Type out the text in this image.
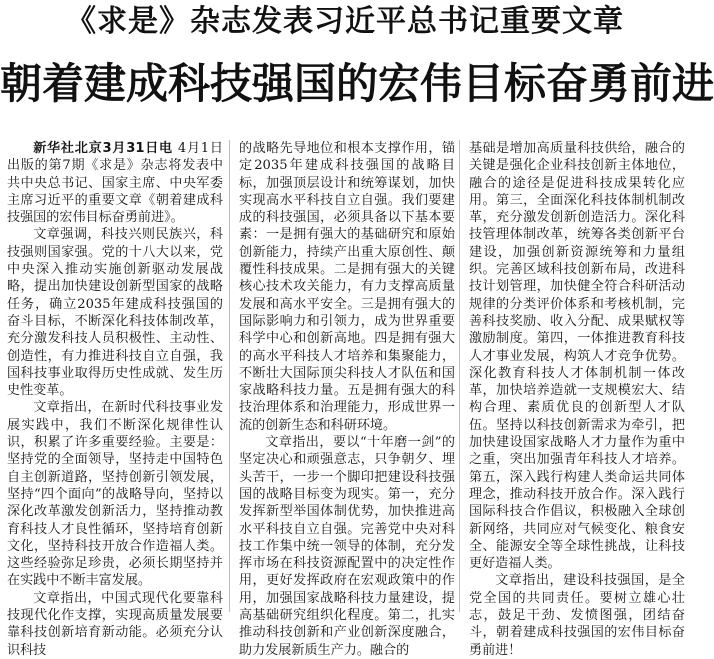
《求是》杂志发表习近平总书记重要文章
朝着建成科技强国的宏伟目标奋勇前进

新华社北京3月31日电 4月1日出版的第7期《求是》杂志将发表中共中央总书记、国家主席、中央军委主席习近平的重要文章《朝着建成科技强国的宏伟目标奋勇前进》。

文章强调，科技兴则民族兴，科技强则国家强。党的十八大以来，党中央深入推动实施创新驱动发展战略，提出加快建设创新型国家的战略任务，确立2035年建成科技强国的奋斗目标，不断深化科技体制改革，充分激发科技人员积极性、主动性、创造性，有力推进科技自立自强，我国科技事业取得历史性成就、发生历史性变革。

文章指出，在新时代科技事业发展实践中，我们不断深化规律性认识，积累了许多重要经验。主要是：坚持党的全面领导，坚持走中国特色自主创新道路，坚持创新引领发展，坚持“四个面向”的战略导向，坚持以深化改革激发创新活力，坚持推动教育科技人才良性循环，坚持培育创新文化，坚持科技开放合作造福人类。这些经验弥足珍贵，必须长期坚持并在实践中不断丰富发展。

文章指出，中国式现代化要靠科技现代化作支撑，实现高质量发展要靠科技创新培育新动能。必须充分认识科技

的战略先导地位和根本支撑作用，锚定2035年建成科技强国的战略目标，加强顶层设计和统筹谋划，加快实现高水平科技自立自强。我们要建成的科技强国，必须具备以下基本要素：一是拥有强大的基础研究和原始创新能力，持续产出重大原创性、颠覆性科技成果。二是拥有强大的关键核心技术攻关能力，有力支撑高质量发展和高水平安全。三是拥有强大的国际影响力和引领力，成为世界重要科学中心和创新高地。四是拥有强大的高水平科技人才培养和集聚能力，不断壮大国际顶尖科技人才队伍和国家战略科技力量。五是拥有强大的科技治理体系和治理能力，形成世界一流的创新生态和科研环境。

文章指出，要以“十年磨一剑”的坚定决心和顽强意志，只争朝夕、埋头苦干，一步一个脚印把建设科技强国的战略目标变为现实。第一，充分发挥新型举国体制优势，加快推进高水平科技自立自强。完善党中央对科技工作集中统一领导的体制，充分发挥市场在科技资源配置中的决定性作用，更好发挥政府在宏观政策中的作用，加强国家战略科技力量建设，提高基础研究组织化程度。第二，扎实推动科技创新和产业创新深度融合，助力发展新质生产力。融合的

基础是增加高质量科技供给，融合的关键是强化企业科技创新主体地位，融合的途径是促进科技成果转化应用。第三，全面深化科技体制机制改革，充分激发创新创造活力。深化科技管理体制改革，统筹各类创新平台建设，加强创新资源统筹和力量组织。完善区域科技创新布局，改进科技计划管理，加快健全符合科研活动规律的分类评价体系和考核机制，完善科技奖励、收入分配、成果赋权等激励制度。第四，一体推进教育科技人才事业发展，构筑人才竞争优势。深化教育科技人才体制机制一体改革，加快培养造就一支规模宏大、结构合理、素质优良的创新型人才队伍。坚持以科技创新需求为牵引，把加快建设国家战略人才力量作为重中之重，突出加强青年科技人才培养。第五，深入践行构建人类命运共同体理念，推动科技开放合作。深入践行国际科技合作倡议，积极融入全球创新网络，共同应对气候变化、粮食安全、能源安全等全球性挑战，让科技更好造福人类。

文章指出，建设科技强国，是全党全国的共同责任。要树立雄心壮志，鼓足干劲、发愤图强，团结奋斗，朝着建成科技强国的宏伟目标奋勇前进！
